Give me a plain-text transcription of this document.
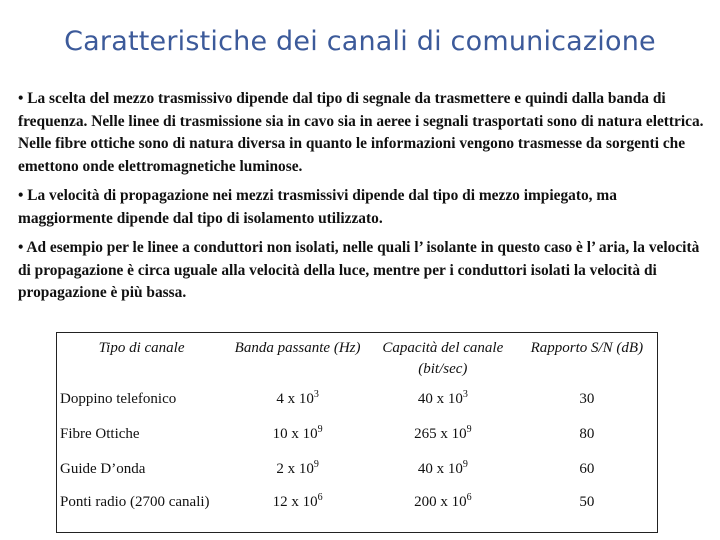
Caratteristiche dei canali di comunicazione

• La scelta del mezzo trasmissivo dipende dal tipo di segnale da trasmettere e quindi dalla banda di frequenza. Nelle linee di trasmissione sia in cavo sia in aeree i segnali trasportati sono di natura elettrica. Nelle fibre ottiche sono di natura diversa in quanto le informazioni vengono trasmesse da sorgenti che emettono onde elettromagnetiche luminose.

• La velocità di propagazione nei mezzi trasmissivi dipende dal tipo di mezzo impiegato, ma maggiormente dipende dal tipo di isolamento utilizzato.

• Ad esempio per le linee a conduttori non isolati, nelle quali l’ isolante in questo caso è l’ aria, la velocità di propagazione è circa uguale alla velocità della luce, mentre per i conduttori isolati la velocità di propagazione è più bassa.

Tipo di canale	Banda passante (Hz)	Capacità del canale (bit/sec)	Rapporto S/N (dB)
Doppino telefonico	4 x $10^3$	40 x $10^3$	30
Fibre Ottiche	10 x $10^9$	265 x $10^9$	80
Guide D’onda	2 x $10^9$	40 x $10^9$	60
Ponti radio (2700 canali)	12 x $10^6$	200 x $10^6$	50
